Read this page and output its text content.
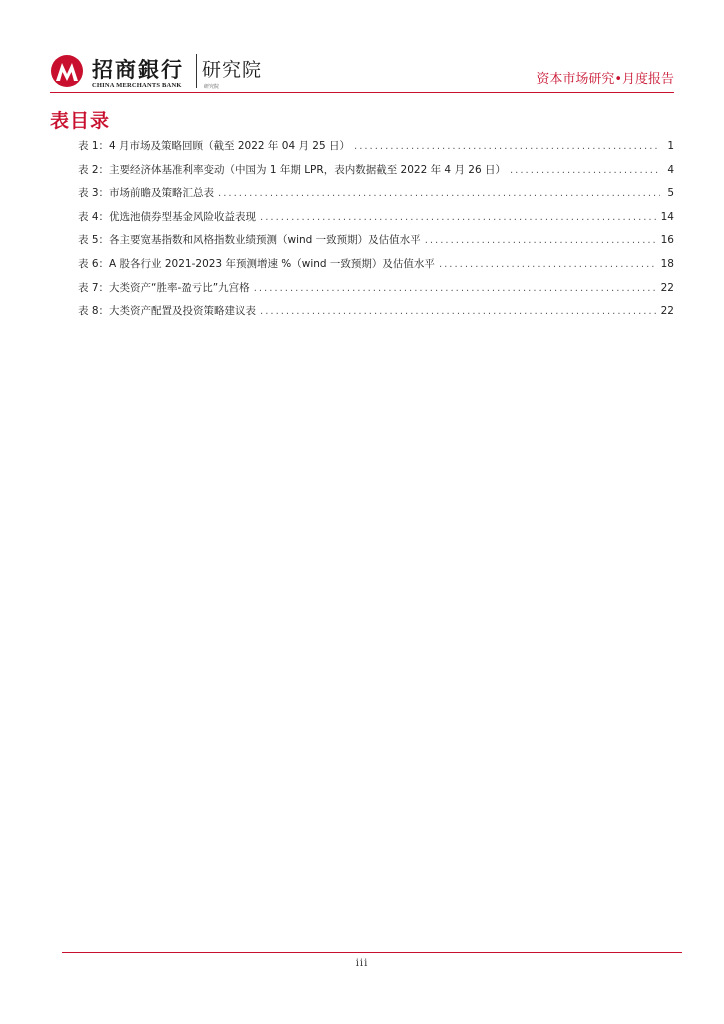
招商銀行
CHINA MERCHANTS BANK
研究院
研究院	资本市场研究•月度报告
表目录
表 1：4 月市场及策略回顾（截至 2022 年 04 月 25 日） .....	1
表 2：主要经济体基准利率变动（中国为 1 年期 LPR，表内数据截至 2022 年 4 月 26 日） .....	4
表 3：市场前瞻及策略汇总表 .....	5
表 4：优选池债券型基金风险收益表现 .....	14
表 5：各主要宽基指数和风格指数业绩预测（wind 一致预期）及估值水平 .....	16
表 6：A 股各行业 2021-2023 年预测增速 %（wind 一致预期）及估值水平 .....	18
表 7：大类资产“胜率-盈亏比”九宫格 .....	22
表 8：大类资产配置及投资策略建议表 .....	22
iii
